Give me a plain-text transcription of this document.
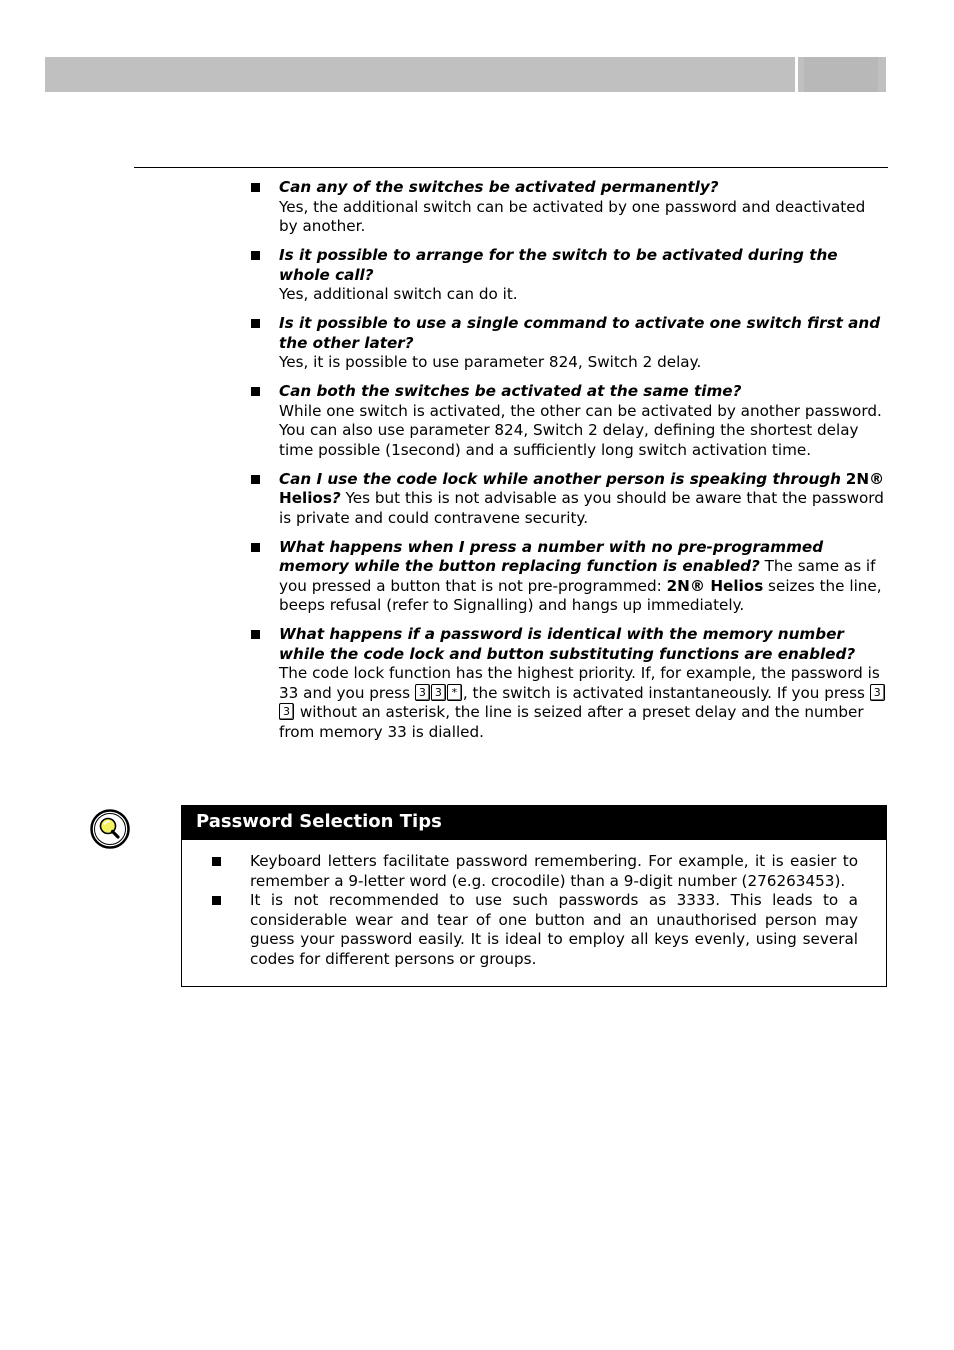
Can any of the switches be activated permanently?
Yes, the additional switch can be activated by one password and deactivated by another.
Is it possible to arrange for the switch to be activated during the whole call?
Yes, additional switch can do it.
Is it possible to use a single command to activate one switch first and the other later?
Yes, it is possible to use parameter 824, Switch 2 delay.
Can both the switches be activated at the same time?
While one switch is activated, the other can be activated by another password. You can also use parameter 824, Switch 2 delay, defining the shortest delay time possible (1second) and a sufficiently long switch activation time.
Can I use the code lock while another person is speaking through 2N® Helios? Yes but this is not advisable as you should be aware that the password is private and could contravene security.
What happens when I press a number with no pre-programmed memory while the button replacing function is enabled? The same as if you pressed a button that is not pre-programmed: 2N® Helios seizes the line, beeps refusal (refer to Signalling) and hangs up immediately.
What happens if a password is identical with the memory number while the code lock and button substituting functions are enabled?
The code lock function has the highest priority. If, for example, the password is 33 and you press 3 3 * , the switch is activated instantaneously. If you press 33 without an asterisk, the line is seized after a preset delay and the number from memory 33 is dialled.
Password Selection Tips
Keyboard letters facilitate password remembering. For example, it is easier to remember a 9-letter word (e.g. crocodile) than a 9-digit number (276263453).
It is not recommended to use such passwords as 3333. This leads to a considerable wear and tear of one button and an unauthorised person may guess your password easily. It is ideal to employ all keys evenly, using several codes for different persons or groups.
